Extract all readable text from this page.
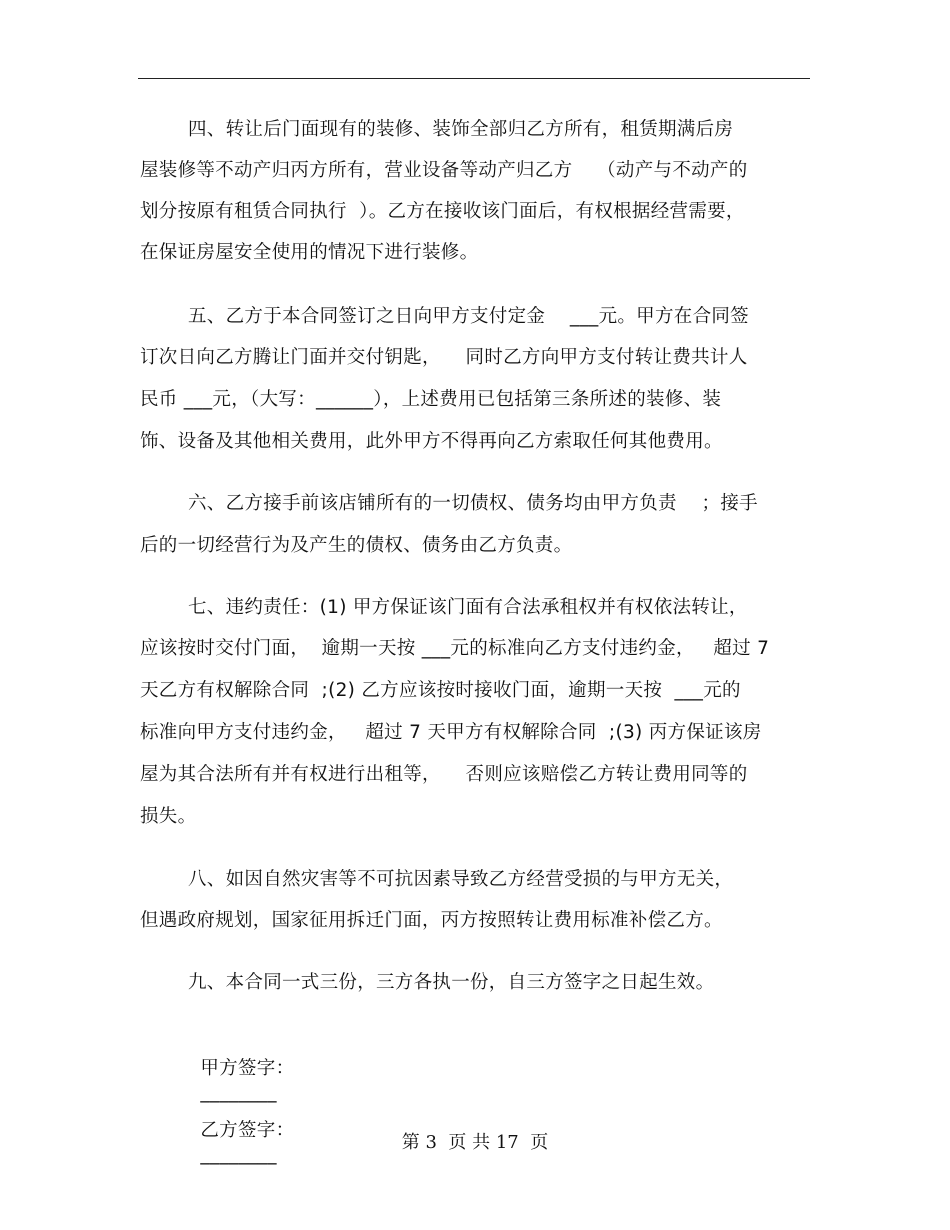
四、转让后门面现有的装修、装饰全部归乙方所有，租赁期满后房
屋装修等不动产归丙方所有，营业设备等动产归乙方    （动产与不动产的
划分按原有租赁合同执行  ）。乙方在接收该门面后，有权根据经营需要，
在保证房屋安全使用的情况下进行装修。
五、乙方于本合同签订之日向甲方支付定金    ___元。甲方在合同签
订次日向乙方腾让门面并交付钥匙，    同时乙方向甲方支付转让费共计人
民币 ___元，（大写：______），上述费用已包括第三条所述的装修、装
饰、设备及其他相关费用，此外甲方不得再向乙方索取任何其他费用。
六、乙方接手前该店铺所有的一切债权、债务均由甲方负责    ；接手
后的一切经营行为及产生的债权、债务由乙方负责。
七、违约责任：(1) 甲方保证该门面有合法承租权并有权依法转让，
应该按时交付门面，  逾期一天按 ___元的标准向乙方支付违约金，   超过 7
天乙方有权解除合同  ;(2) 乙方应该按时接收门面，逾期一天按  ___元的
标准向甲方支付违约金，   超过 7 天甲方有权解除合同  ;(3) 丙方保证该房
屋为其合法所有并有权进行出租等，    否则应该赔偿乙方转让费用同等的
损失。
八、如因自然灾害等不可抗因素导致乙方经营受损的与甲方无关，
但遇政府规划，国家征用拆迁门面，丙方按照转让费用标准补偿乙方。
九、本合同一式三份，三方各执一份，自三方签字之日起生效。

甲方签字：
________

乙方签字：
________

第 3  页 共 17  页
